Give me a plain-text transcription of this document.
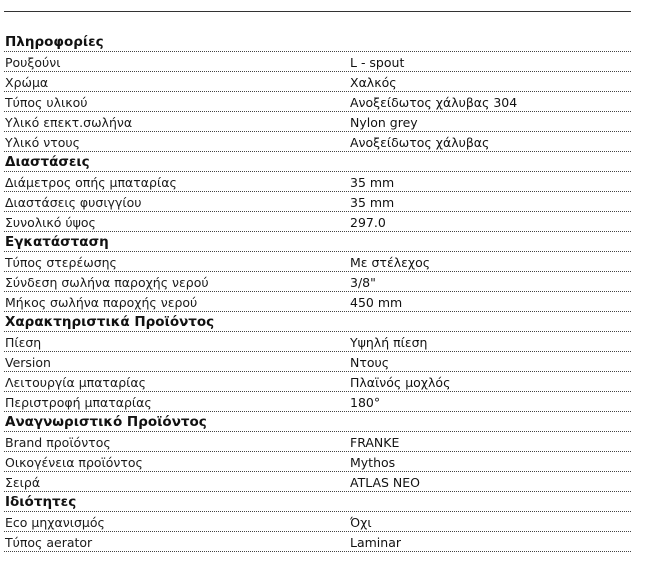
Πληροφορίες
Ρουξούνι	L - spout
Χρώμα	Χαλκός
Τύπος υλικού	Ανοξείδωτος χάλυβας 304
Υλικό επεκτ.σωλήνα	Nylon grey
Υλικό ντους	Ανοξείδωτος χάλυβας
Διαστάσεις
Διάμετρος οπής μπαταρίας	35 mm
Διαστάσεις φυσιγγίου	35 mm
Συνολικό ύψος	297.0
Εγκατάσταση
Τύπος στερέωσης	Με στέλεχος
Σύνδεση σωλήνα παροχής νερού	3/8"
Μήκος σωλήνα παροχής νερού	450 mm
Χαρακτηριστικά Προϊόντος
Πίεση	Υψηλή πίεση
Version	Ντους
Λειτουργία μπαταρίας	Πλαϊνός μοχλός
Περιστροφή μπαταρίας	180°
Αναγνωριστικό Προϊόντος
Brand προϊόντος	FRANKE
Οικογένεια προϊόντος	Mythos
Σειρά	ATLAS NEO
Ιδιότητες
Eco μηχανισμός	Όχι
Τύπος aerator	Laminar
